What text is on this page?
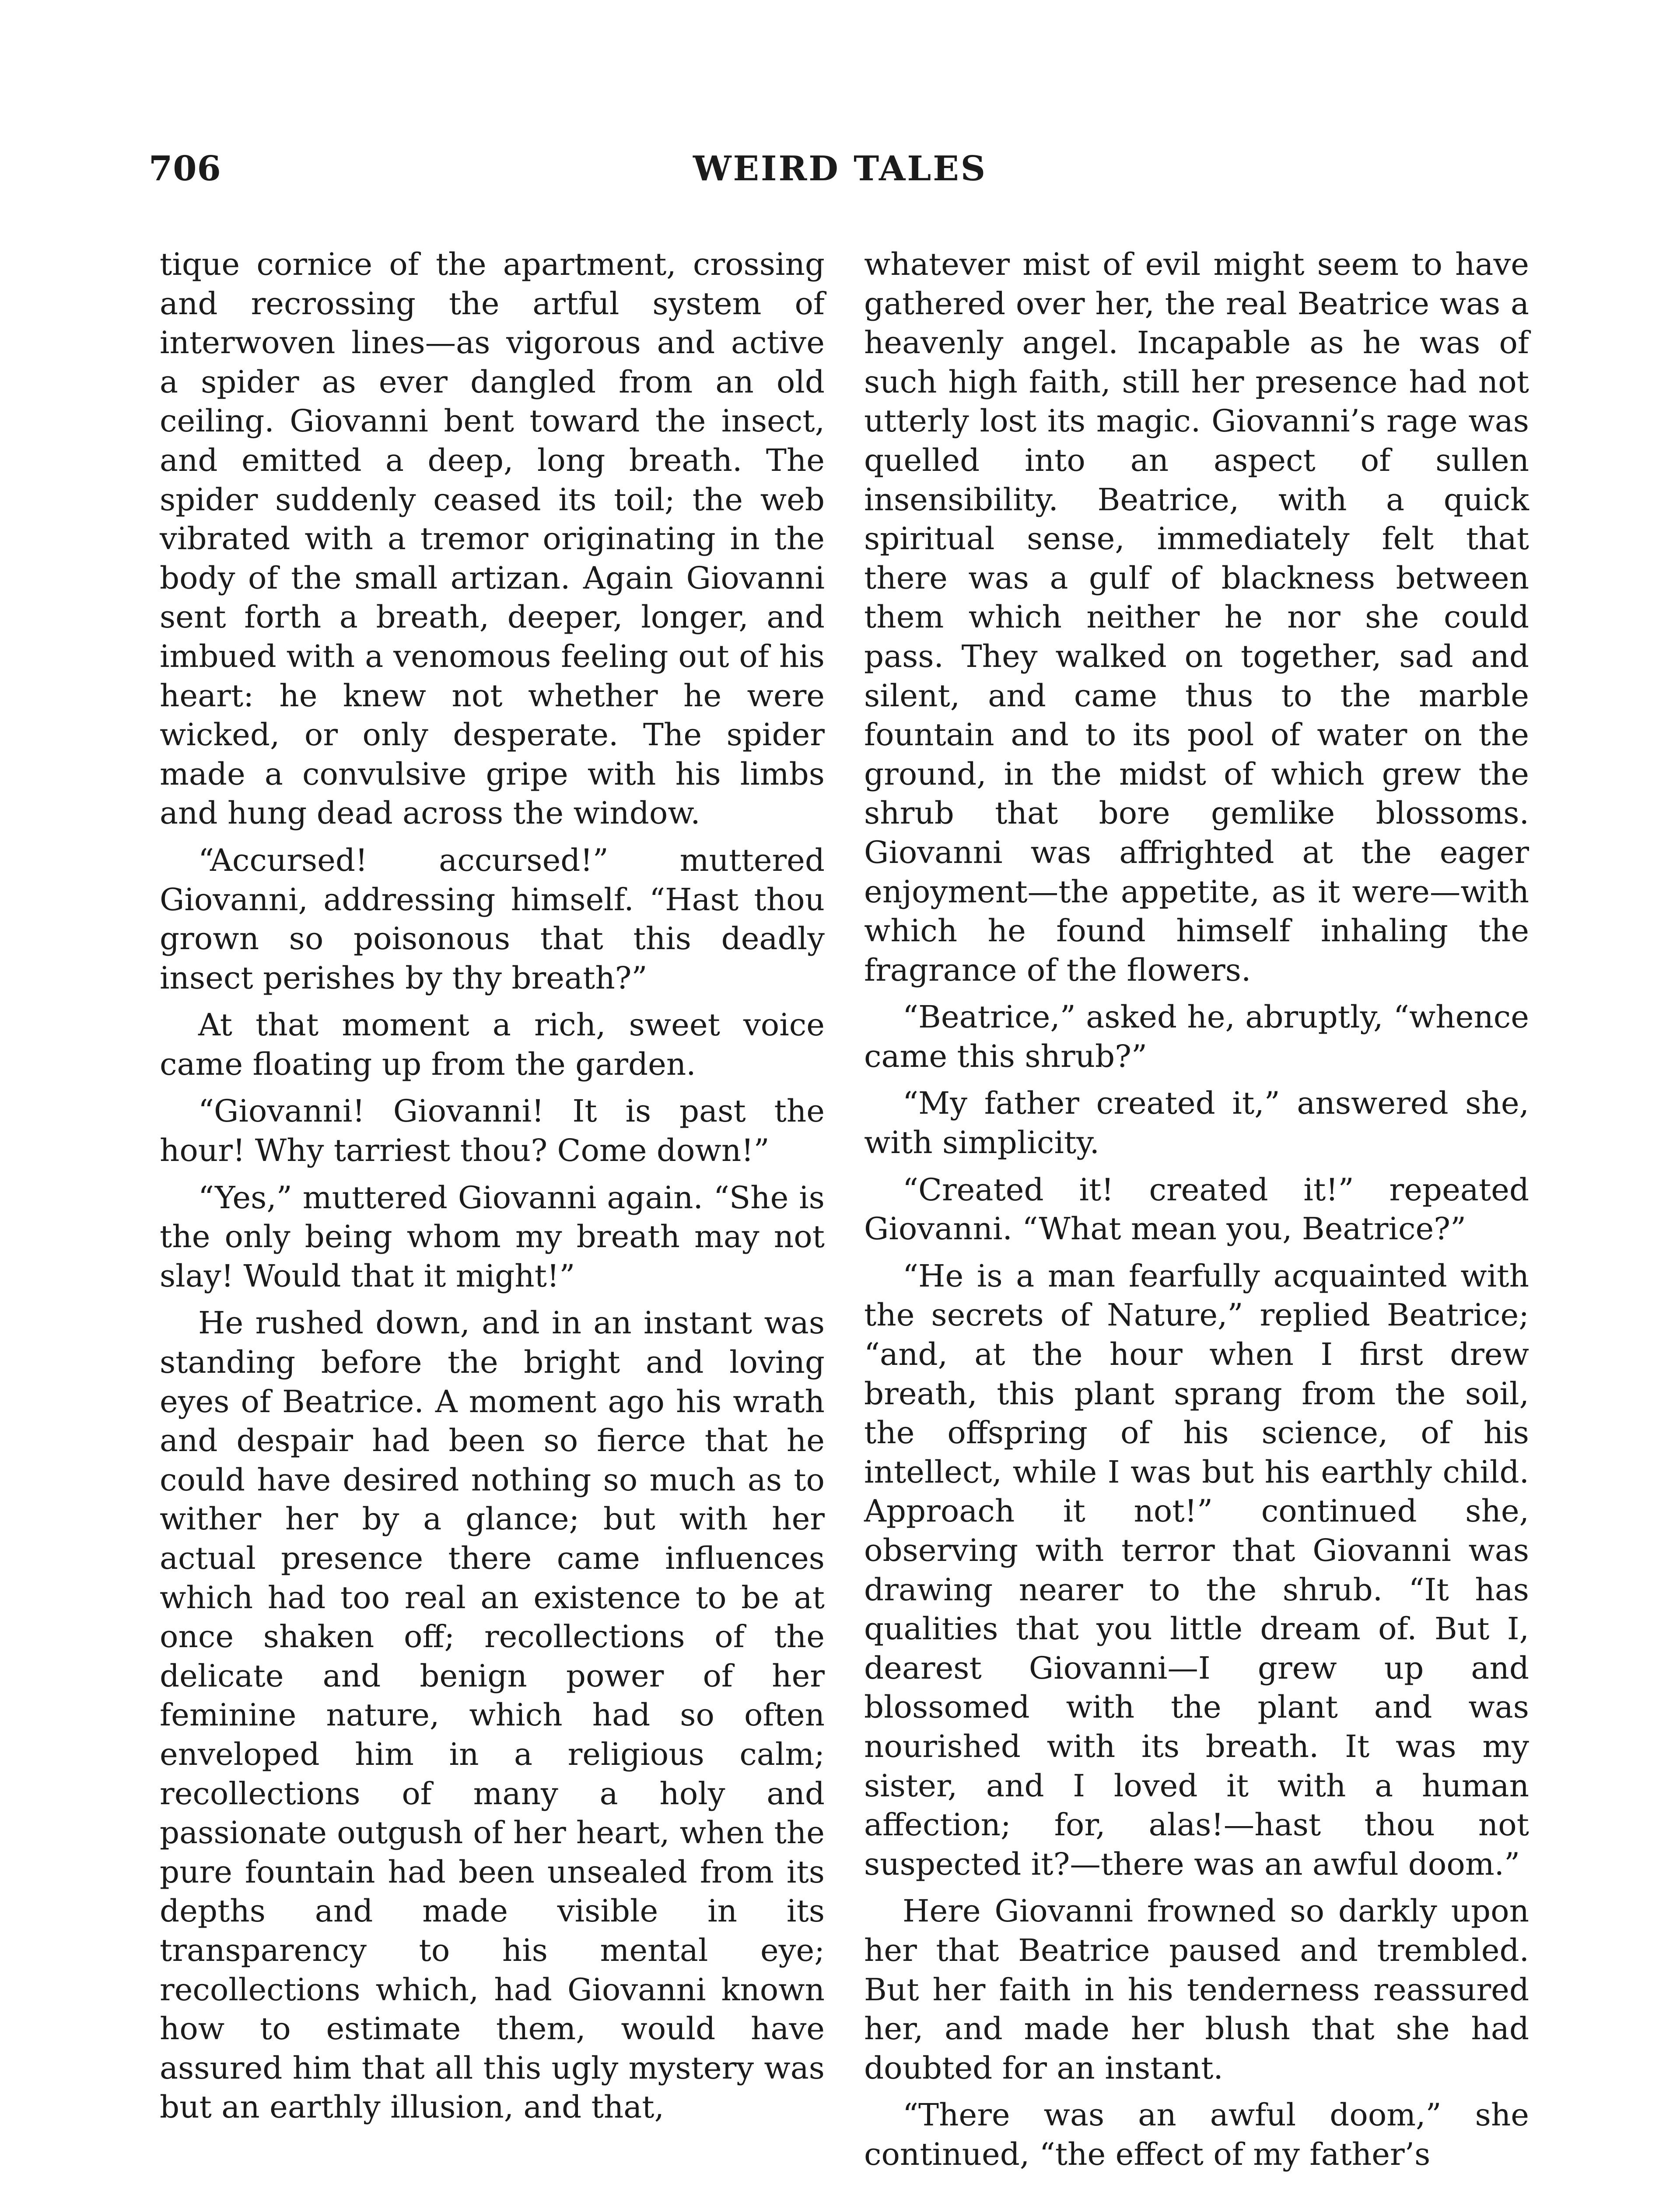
706	WEIRD TALES

tique cornice of the apartment, crossing and recrossing the artful system of interwoven lines—as vigorous and active a spider as ever dangled from an old ceiling. Giovanni bent toward the insect, and emitted a deep, long breath. The spider suddenly ceased its toil; the web vibrated with a tremor originating in the body of the small artizan. Again Giovanni sent forth a breath, deeper, longer, and imbued with a venomous feeling out of his heart: he knew not whether he were wicked, or only desperate. The spider made a convulsive gripe with his limbs and hung dead across the window.

“Accursed! accursed!” muttered Giovanni, addressing himself. “Hast thou grown so poisonous that this deadly insect perishes by thy breath?”

At that moment a rich, sweet voice came floating up from the garden.

“Giovanni! Giovanni! It is past the hour! Why tarriest thou? Come down!”

“Yes,” muttered Giovanni again. “She is the only being whom my breath may not slay! Would that it might!”

He rushed down, and in an instant was standing before the bright and loving eyes of Beatrice. A moment ago his wrath and despair had been so fierce that he could have desired nothing so much as to wither her by a glance; but with her actual presence there came influences which had too real an existence to be at once shaken off; recollections of the delicate and benign power of her feminine nature, which had so often enveloped him in a religious calm; recollections of many a holy and passionate outgush of her heart, when the pure fountain had been unsealed from its depths and made visible in its transparency to his mental eye; recollections which, had Giovanni known how to estimate them, would have assured him that all this ugly mystery was but an earthly illusion, and that,

whatever mist of evil might seem to have gathered over her, the real Beatrice was a heavenly angel. Incapable as he was of such high faith, still her presence had not utterly lost its magic. Giovanni’s rage was quelled into an aspect of sullen insensibility. Beatrice, with a quick spiritual sense, immediately felt that there was a gulf of blackness between them which neither he nor she could pass. They walked on together, sad and silent, and came thus to the marble fountain and to its pool of water on the ground, in the midst of which grew the shrub that bore gemlike blossoms. Giovanni was affrighted at the eager enjoyment—the appetite, as it were—with which he found himself inhaling the fragrance of the flowers.

“Beatrice,” asked he, abruptly, “whence came this shrub?”

“My father created it,” answered she, with simplicity.

“Created it! created it!” repeated Giovanni. “What mean you, Beatrice?”

“He is a man fearfully acquainted with the secrets of Nature,” replied Beatrice; “and, at the hour when I first drew breath, this plant sprang from the soil, the offspring of his science, of his intellect, while I was but his earthly child. Approach it not!” continued she, observing with terror that Giovanni was drawing nearer to the shrub. “It has qualities that you little dream of. But I, dearest Giovanni—I grew up and blossomed with the plant and was nourished with its breath. It was my sister, and I loved it with a human affection; for, alas!—hast thou not suspected it?—there was an awful doom.”

Here Giovanni frowned so darkly upon her that Beatrice paused and trembled. But her faith in his tenderness reassured her, and made her blush that she had doubted for an instant.

“There was an awful doom,” she continued, “the effect of my father’s
